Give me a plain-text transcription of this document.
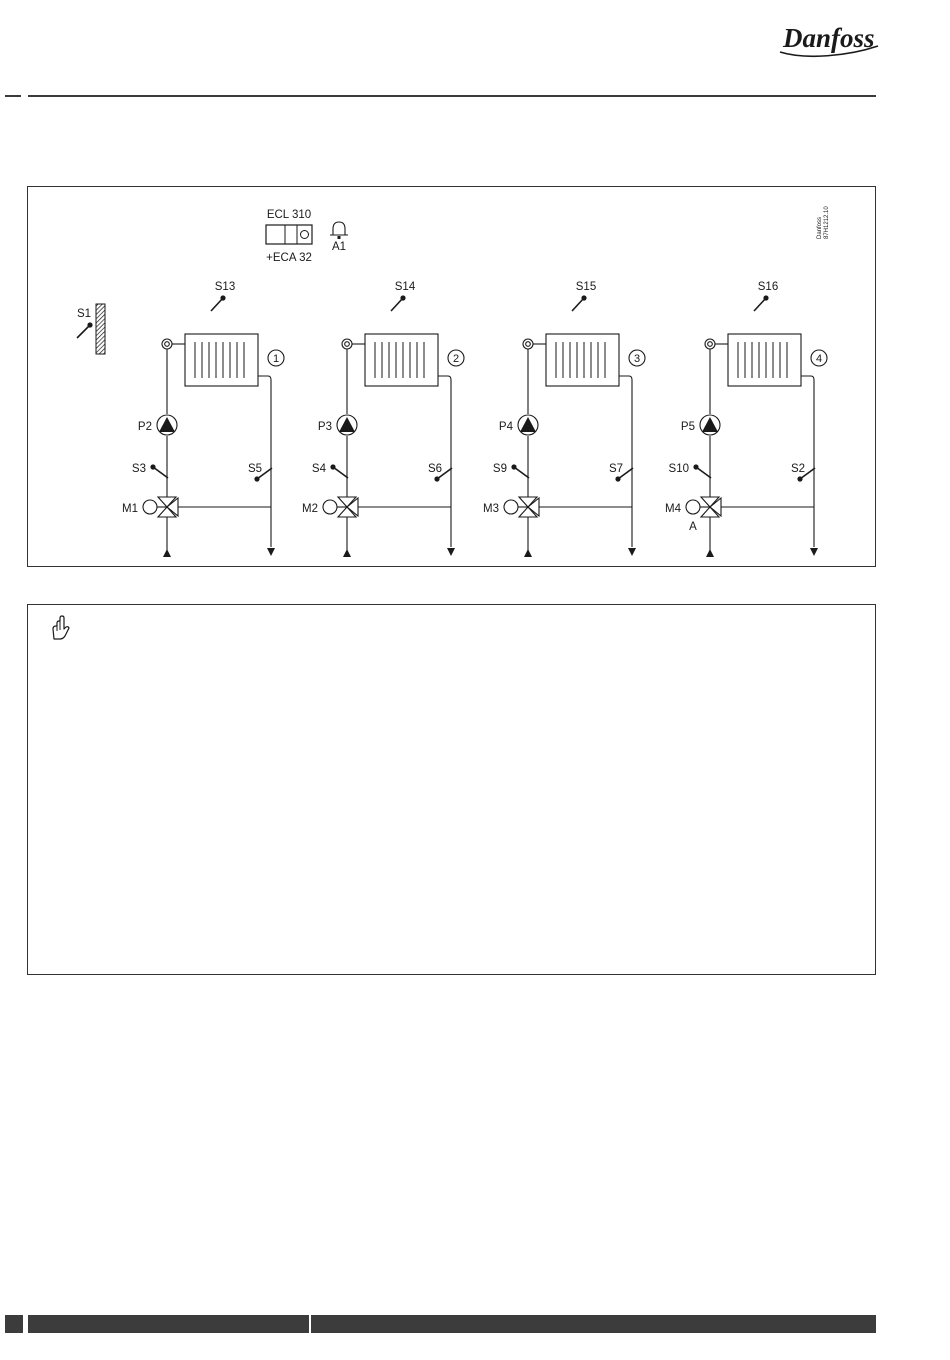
Danfoss
ECL 310
+ECA 32
A1
Danfoss 87H1212.10
S1
S13
1
P2
S3	S5
M1
S14
2
P3
S4	S6
M2
S15
3
P4
S9	S7
M3
S16
4
P5
S10	S2
M4
A
